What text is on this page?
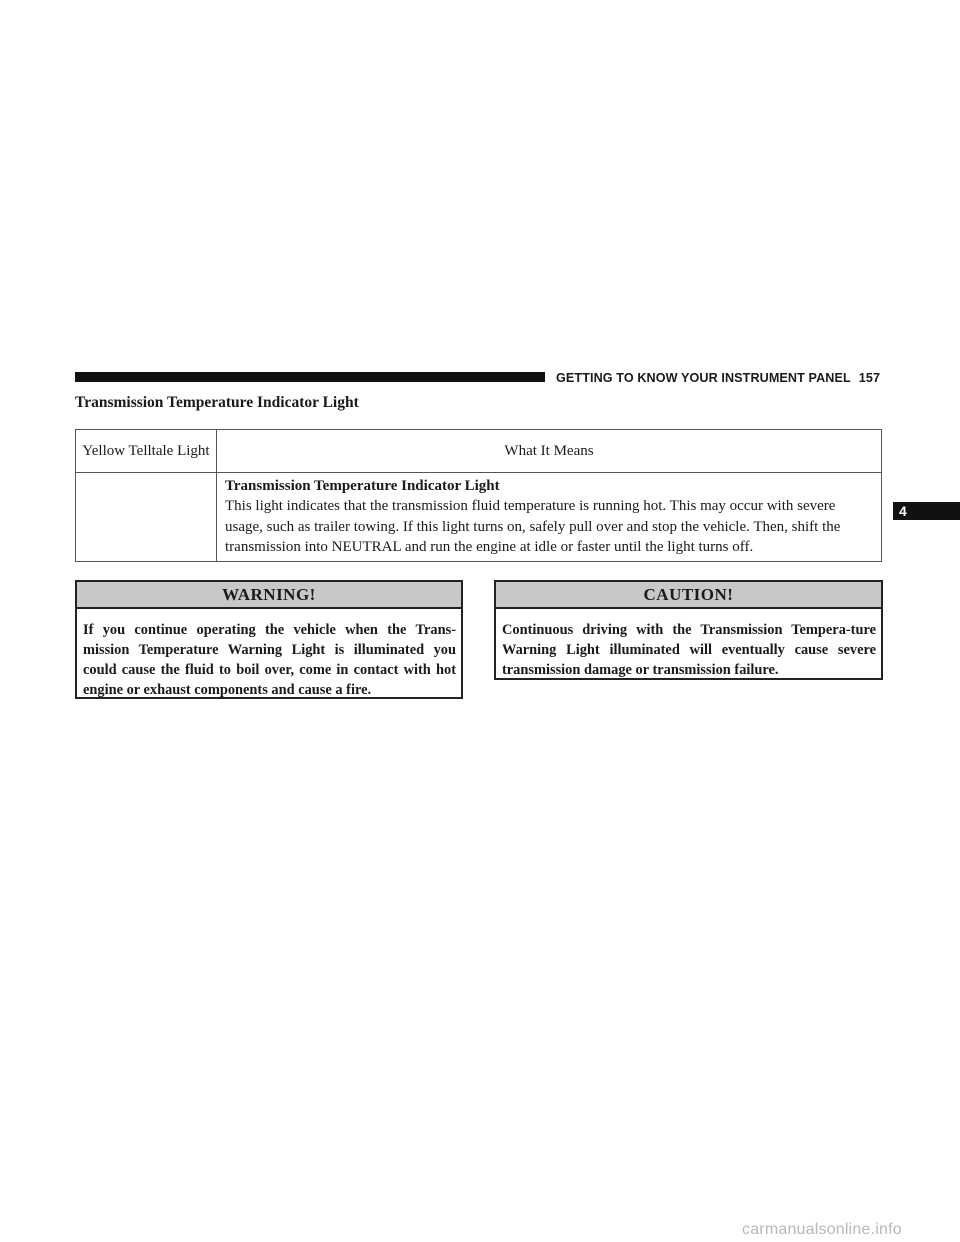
GETTING TO KNOW YOUR INSTRUMENT PANEL 157
4
Transmission Temperature Indicator Light
Yellow Telltale Light	What It Means

	Transmission Temperature Indicator Light
This light indicates that the transmission fluid temperature is running hot. This may occur with severe usage, such as trailer towing. If this light turns on, safely pull over and stop the vehicle. Then, shift the transmission into NEUTRAL and run the engine at idle or faster until the light turns off.
WARNING!
If you continue operating the vehicle when the Trans-mission Temperature Warning Light is illuminated you could cause the fluid to boil over, come in contact with hot engine or exhaust components and cause a fire.
CAUTION!
Continuous driving with the Transmission Tempera-ture Warning Light illuminated will eventually cause severe transmission damage or transmission failure.
carmanualsonline.info
